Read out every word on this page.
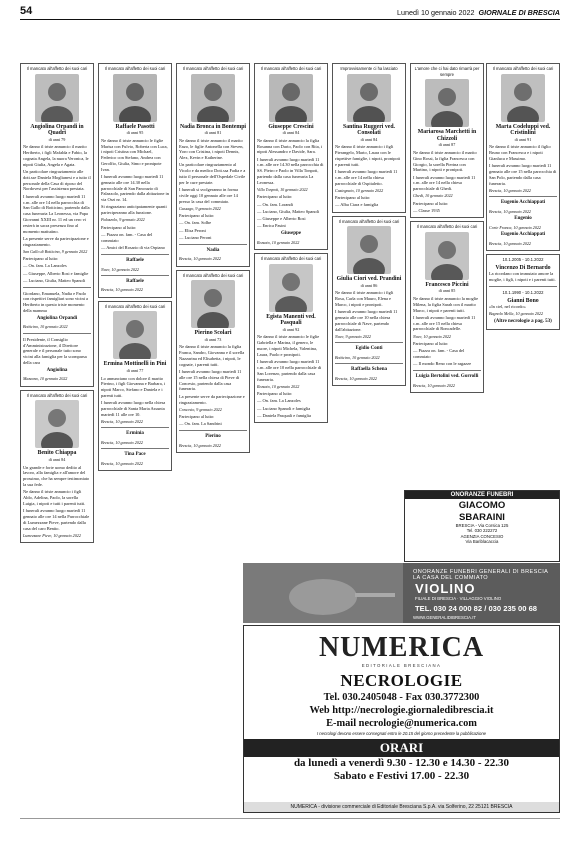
54	Lunedì 10 gennaio 2022 GIORNALE DI BRESCIA
Il mancato all'affetto dei suoi cari
Angiolina Orpandi in Quadri
di anni 79

Ne danno il triste annuncio il marito Heriberto, i figli Mafalda e Fabio, la cognata Angela, la nuora Veronica, le nipoti Giulia, Angela e Agata.

Un particolare ringraziamento alle dott.sse Daniela Moglianesi e a tutto il personale della Casa di riposo del Nordovest per l'assistenza prestata.

I funerali avranno luogo martedì 11 c.m. alle ore 14 nella parrocchia di San Gallo di Botticino, partendo dalla casa funeraria La Leonessa, via Papa Giovanni XXIII nr. 11 ed un cero vi resterà in sacra presenza fino al momento mattutino.

La presente serve da partecipazione e ringraziamento.

San Gallo di Botticino, 9 gennaio 2022

Partecipano al lutto:

— On. fam. La Lanzoles

— Giuseppe, Alberto Rosi e famiglie

— Luciano, Giulia, Matteo Spanoli

Giordano, Emanuela, Nadia e Paolo con rispettivi famigliari sono vicini a Heriberto in questo triste momento della mamma

Angiolina Orpandi
Botticino, 10 gennaio 2022

Il Presidente, il Consiglio d'Amministrazione, il Direttore generale e il personale tutto sono vicini alla famiglia per la scomparsa della cara

Angiolina
Mazzano, 10 gennaio 2022
Il mancato all'affetto dei suoi cari
Benito Chiappa
di anni 84

Un grande e forte uomo dedito al lavoro, alla famiglia e all'amore del prossimo, che ha sempre testimoniato la sua fede.

Ne danno il triste annuncio i figli Aldo, Adelina, Paolo, la sorella Luigia, i nipoti e tutti i parenti tutti.

I funerali avranno luogo martedì 11 gennaio alle ore 14 nella Parrocchiale di Lumezzane Pieve, partendo dalla casa del caro Benito.

Lumezzane Pieve, 10 gennaio 2022
Il mancato all'affetto dei suoi cari
Raffaele Pasotti
di anni 95

Ne danno il triste annuncio le figlie Marisa con Fulvio, Roberta con Luca, i nipoti Cristina con Michael, Federico con Stefano, Andrea con Gerolfio, Giulia, Simo e pronipote Ivan.

I funerali avranno luogo martedì 11 gennaio alle ore 14.30 nella parrocchiale di San Pancrazio di Palazzolo, partendo dalla abitazione in via Orzi nr. 14.

Si ringraziano anticipatamente quanti parteciperanno alla funzione.

Palazzolo, 9 gennaio 2022

Partecipano al lutto:

— Piazza on. fam. - Casa del commiato

— Amici del Rosario di via Orpiano

Raffaele
Nave, 10 gennaio 2022
Raffaele
Brescia, 10 gennaio 2022
Il mancato all'affetto dei suoi cari
Ermina Mottinelli in Pini
di anni 77

Lo annunciano con dolore il marito Pierino, i figli Giovanna e Barbara, i nipoti Marco, Stefano e Daniela e i parenti tutti.

I funerali avranno luogo nella chiesa parrocchiale di Santa Maria Assunta martedì 11 alle ore 10.

Brescia, 10 gennaio 2022
Erminia
Brescia, 10 gennaio 2022
Tina Pace
Brescia, 10 gennaio 2022
Il mancato all'affetto dei suoi cari
Nadia Bronca in Bontempi
di anni 81

Ne danno il triste annuncio il marito Enzo, le figlie Antonella con Steven, Yoro con Cristina, i nipoti Dennis, Alex, Kevin e Katherine.

Un particolare ringraziamento al Vicolo e da medico Dott.ssa Fadia e a tutto il personale dell'Ospedale Civile per le cure prestate.

I funerali si svolgeranno in forma civile oggi 10 gennaio alle ore 14 presso la casa del commiato.

Gussago, 9 gennaio 2022

Partecipano al lutto:

— On. fam. Solbe

— Elisa Peroni

— Luciano Peroni

Nadia
Brescia, 10 gennaio 2022
Il mancato all'affetto dei suoi cari
Pierino Scolari
di anni 73

Ne danno il triste annuncio la figlia Franca, Sandro, Giovanna e il sorella Nazzarina ed Elisabetta, i nipoti, le cognate, i parenti tutti.

I funerali avranno luogo martedì 11 alle ore 15 nella chiesa di Pieve di Concesio, partendo dalla casa funeraria.

La presente serve da partecipazione e ringraziamento.

Concesio, 9 gennaio 2022

Partecipano al lutto:

— On. fam. La Sandrini

Pierino
Brescia, 10 gennaio 2022
Il mancato all'affetto dei suoi cari
Giuseppe Crescini
di anni 84

Ne danno il triste annuncio la figlia Rosanna con Dario, Paolo con Rita, i nipoti Alessandro e Davide, Sara.

I funerali avranno luogo martedì 11 c.m. alle ore 14.30 nella parrocchia di SS. Pietro e Paolo in Villa Tonpoti, partendo dalla casa funeraria La Leonessa.

Villa Tonpoti, 10 gennaio 2022

Partecipano al lutto:

— On. fam. Lorandi

— Luciano, Giulia, Matteo Spanoli

— Giuseppe e Alberto Rosi

— Enrica Pasini

Giuseppe
Rezzato, 10 gennaio 2022
Il mancato all'affetto dei suoi cari
Egista Manenti ved. Pasquali
di anni 92

Ne danno il triste annuncio le figlie Gabriella e Marina, il genero, le nuore, i nipoti Michela, Valentina, Laura, Paolo e pronipoti.

I funerali avranno luogo martedì 11 c.m. alle ore 10 nella parrocchiale di San Lorenzo, partendo dalla casa funeraria.

Rezzato, 10 gennaio 2022

Partecipano al lutto:

— On. fam. La Lanzoles

— Luciano Spanoli e famiglia

— Daniela Pasquali e famiglia

Improvvisamente ci ha lasciato
Santina Ruggeri ved. Consolati
di anni 84

Ne danno il triste annuncio i figli Pierangelo, Mario, Laura con le rispettive famiglie, i nipoti, pronipoti e parenti tutti.

I funerali avranno luogo martedì 11 c.m. alle ore 14 nella chiesa parrocchiale di Ospitaletto.

Castegnato, 10 gennaio 2022

Partecipano al lutto:

— Alba Ciara e famiglia

Il mancato all'affetto dei suoi cari
Giulia Ciori ved. Prandini
di anni 86

Ne danno il triste annuncio i figli Rosa, Carla con Mauro, Elena e Marco, i nipoti e pronipoti.

I funerali avranno luogo martedì 11 gennaio alle ore 10 nella chiesa parrocchiale di Nave, partendo dall'abitazione.

Nave, 9 gennaio 2022
Egidio Conti
Botticino, 10 gennaio 2022
Raffaella Schena
Brescia, 10 gennaio 2022
L'amore che ci hai dato rimarrà per sempre
Mariarosa Marchetti in Chizzoli
di anni 87

Ne danno il triste annuncio il marito Gino Rossi, la figlia Francesca con Giorgio, la sorella Pierina con Martino, i nipoti e pronipoti.

I funerali avranno luogo martedì 11 c.m. alle ore 14 nella chiesa parrocchiale di Ghedi.

Ghedi, 10 gennaio 2022

Partecipano al lutto:

— Classe 1935

Il mancato all'affetto dei suoi cari
Francesco Piccini
di anni 85

Ne danno il triste annuncio la moglie Milena, la figlia Sarah con il marito Marco, i nipoti e parenti tutti.

I funerali avranno luogo martedì 11 c.m. alle ore 15 nella chiesa parrocchiale di Roncadelle.

Nave, 10 gennaio 2022

Partecipano al lutto:

— Piazza on. fam. - Casa del commiato

— Il mondo Reno con le ragazze

Luigia Bertolini ved. Gorrolli
Brescia, 10 gennaio 2022
Il mancato all'affetto dei suoi cari
Marta Codeluppi ved. Cristinlini
di anni 91

Ne danno il triste annuncio il figlio Bruno con Francesca e i nipoti Gianluca e Massimo.

I funerali avranno luogo martedì 11 gennaio alle ore 15 nella parrocchia di San Polo, partendo dalla casa funeraria.

Brescia, 10 gennaio 2022
Eugenio Acchiappati
Brescia, 10 gennaio 2022
Eugenio
Corte Franca, 10 gennaio 2022
Eugenio Acchiappati
Brescia, 10 gennaio 2022
10.1.2005 - 10.1.2022
Vincenzo Di Bernardo

La ricordano con immutato amore la moglie, i figli, i nipoti e i parenti tutti.

10.1.1990 - 10.1.2022
Gianni Bono

«In ciel, nel ricordo»

Bagnolo Mella, 10 gennaio 2022
(Altre necrologie a pag. 53)
ONORANZE FUNEBRI
GIACOMO
SBARAINI
BRESCIA - Via Corsica 125
Tel. 030 222272
AGENZIA CONCESIO
Via Bariblacaccia
ONORANZE FUNEBRI GENERALI DI BRESCIA
LA CASA DEL COMMIATO
VIOLINO
FILIALE DI BRESCIA · VILLAGGIO VIOLINO
TEL. 030 24 000 82 / 030 235 00 68
WWW.GENERALIDIBRESCIA.IT
NUMERICA
EDITORIALE BRESCIANA
NECROLOGIE
Tel. 030.2405048 - Fax 030.3772300
Web http://necrologie.giornaledibrescia.it
E-mail necrologie@numerica.com
I necrologi devono essere consegnati entro le 20.15 del giorno precedente la pubblicazione
ORARI
da lunedì a venerdì 9.30 - 12.30 e 14.30 - 22.30
Sabato e Festivi 17.00 - 22.30
NUMERICA - divisione commerciale di Editoriale Bresciana S.p.A. via Solferino, 22 25121 BRESCIA
